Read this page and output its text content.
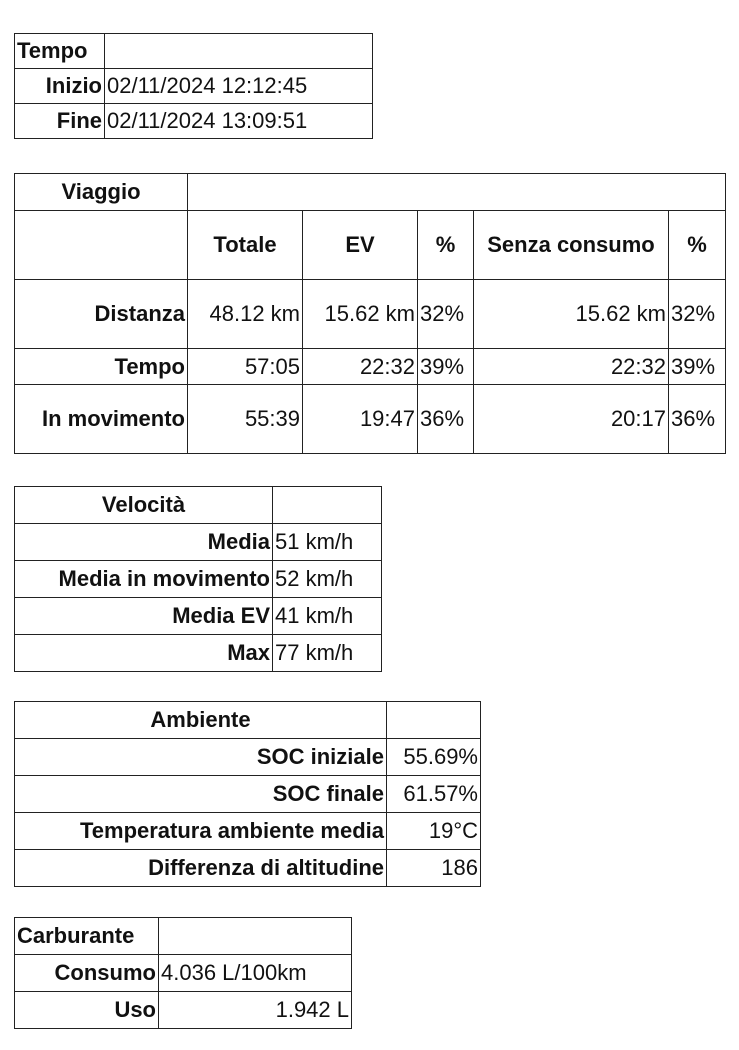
Tempo	
Inizio	02/11/2024 12:12:45
Fine	02/11/2024 13:09:51
Viaggio					
	Totale	EV	%	Senza consumo	%
Distanza	48.12 km	15.62 km	32%	15.62 km	32%
Tempo	57:05	22:32	39%	22:32	39%
In movimento	55:39	19:47	36%	20:17	36%
Velocità	
Media	51 km/h
Media in movimento	52 km/h
Media EV	41 km/h
Max	77 km/h
Ambiente	
SOC iniziale	55.69%
SOC finale	61.57%
Temperatura ambiente media	19°C
Differenza di altitudine	186
Carburante	
Consumo	4.036 L/100km
Uso	1.942 L
